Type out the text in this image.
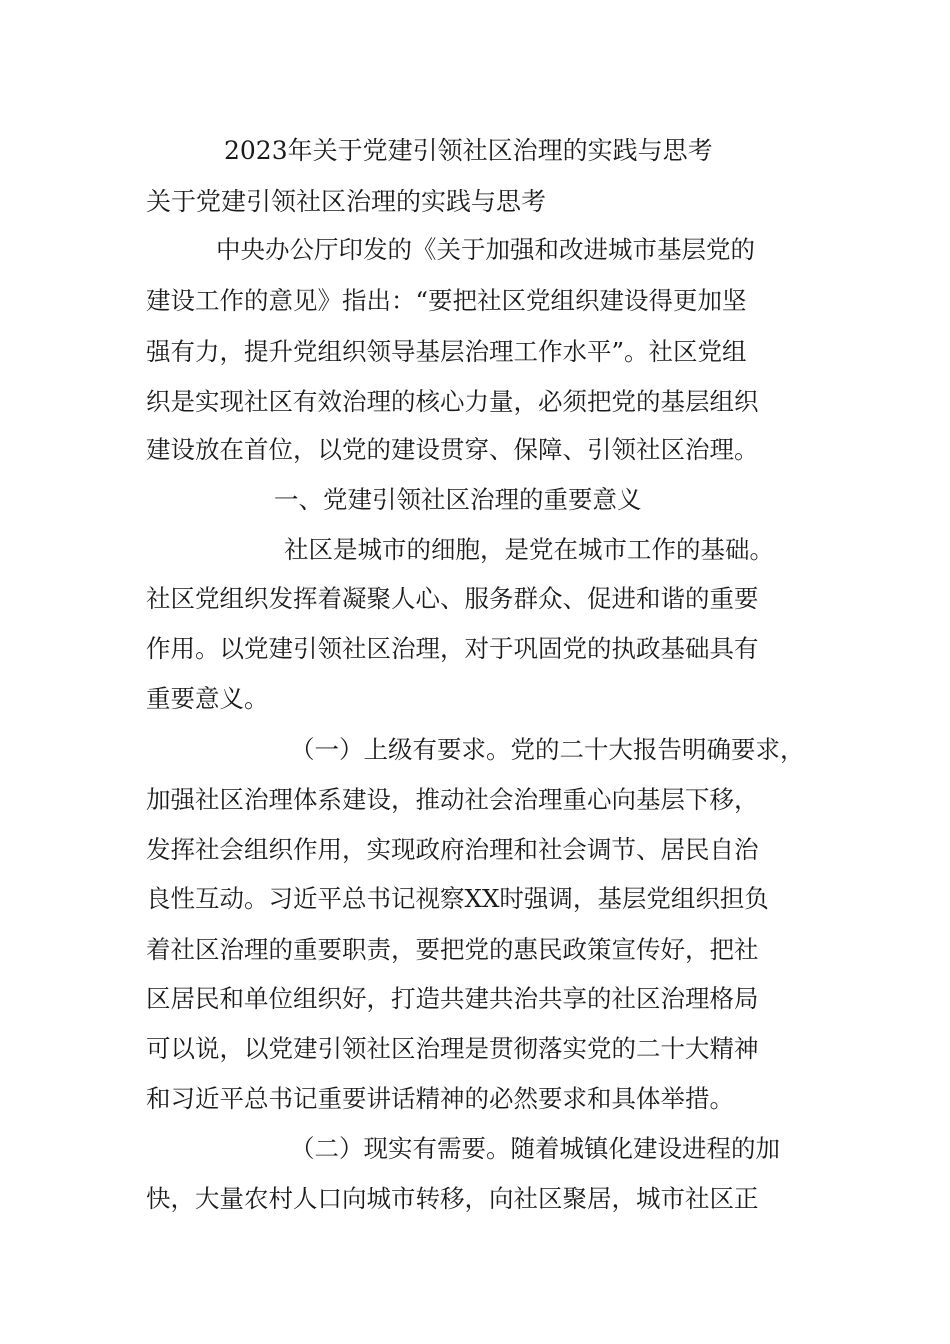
2023年关于党建引领社区治理的实践与思考
关于党建引领社区治理的实践与思考
中央办公厅印发的《关于加强和改进城市基层党的
建设工作的意见》指出：“要把社区党组织建设得更加坚
强有力，提升党组织领导基层治理工作水平”。社区党组
织是实现社区有效治理的核心力量，必须把党的基层组织
建设放在首位，以党的建设贯穿、保障、引领社区治理。
一、党建引领社区治理的重要意义
社区是城市的细胞，是党在城市工作的基础。
社区党组织发挥着凝聚人心、服务群众、促进和谐的重要
作用。以党建引领社区治理，对于巩固党的执政基础具有
重要意义。
（一）上级有要求。党的二十大报告明确要求，
加强社区治理体系建设，推动社会治理重心向基层下移，
发挥社会组织作用，实现政府治理和社会调节、居民自治
良性互动。习近平总书记视察XX时强调，基层党组织担负
着社区治理的重要职责，要把党的惠民政策宣传好，把社
区居民和单位组织好，打造共建共治共享的社区治理格局
可以说，以党建引领社区治理是贯彻落实党的二十大精神
和习近平总书记重要讲话精神的必然要求和具体举措。
（二）现实有需要。随着城镇化建设进程的加
快，大量农村人口向城市转移，向社区聚居，城市社区正
